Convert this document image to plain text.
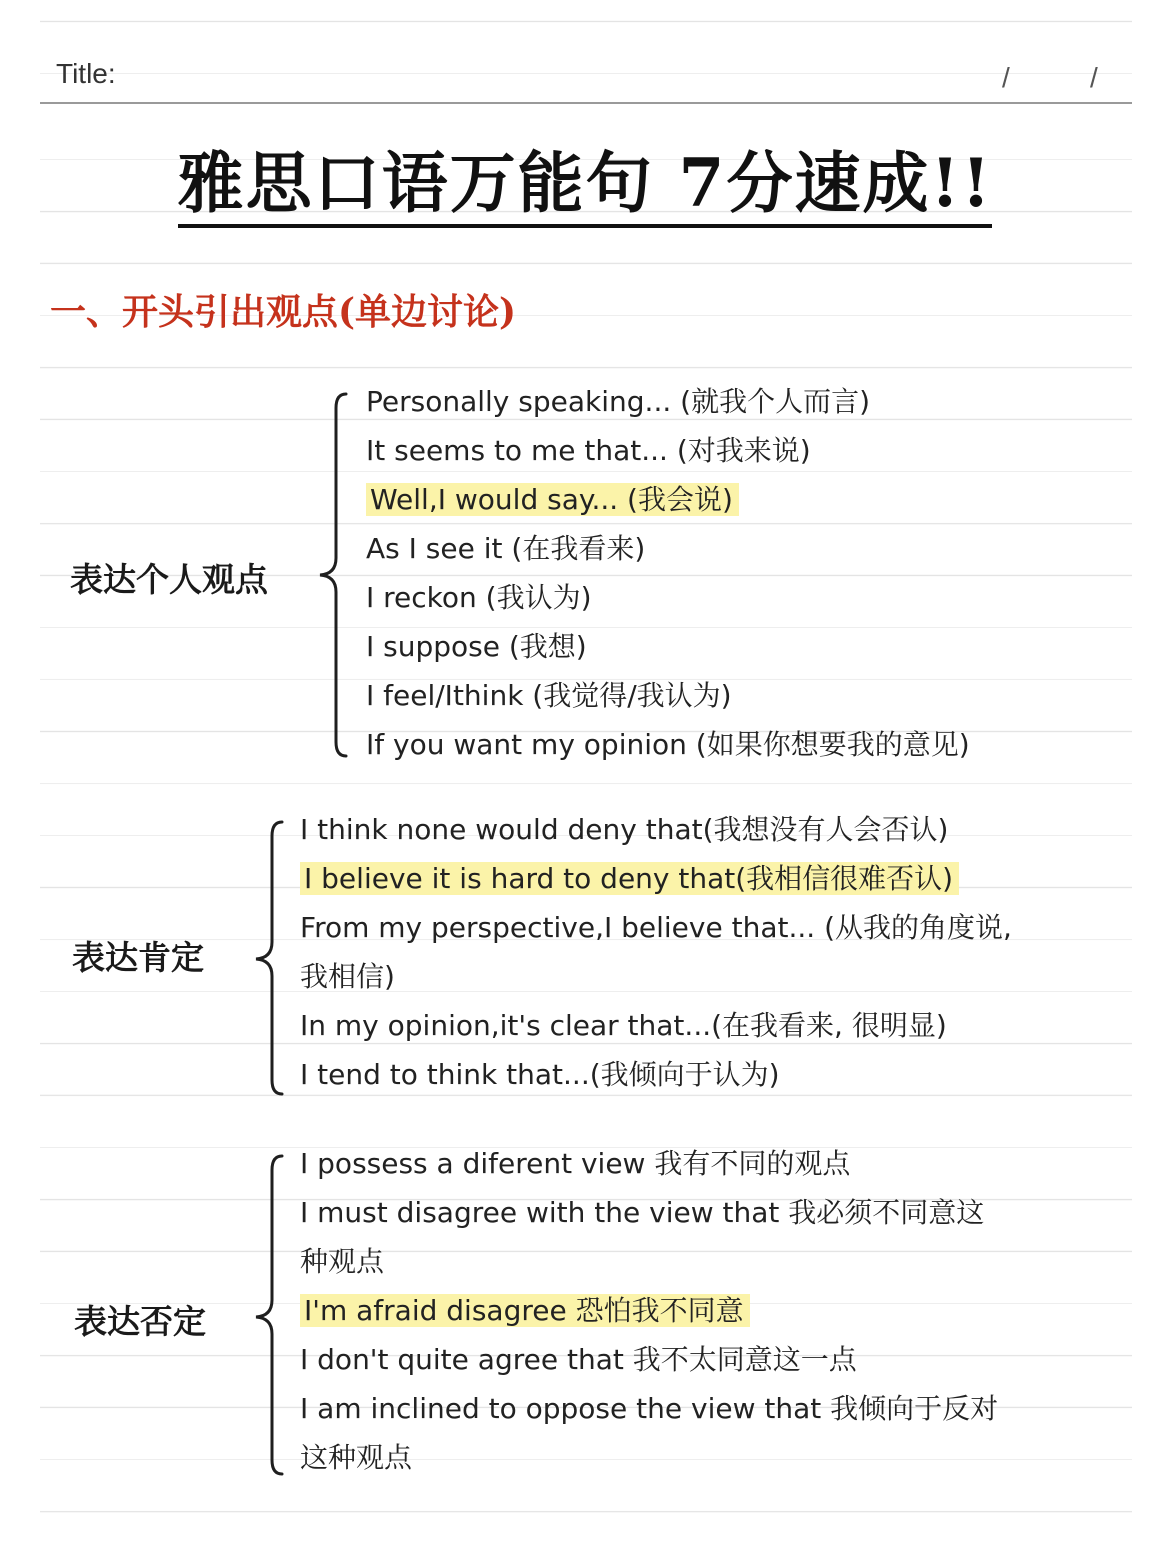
Title:	/	/
雅思口语万能句 7分速成!!
一、开头引出观点(单边讨论)
表达个人观点
Personally speaking... (就我个人而言)
It seems to me that... (对我来说)
Well,I would say... (我会说)
As I see it (在我看来)
I reckon (我认为)
I suppose (我想)
I feel/Ithink (我觉得/我认为)
If you want my opinion (如果你想要我的意见)
表达肯定
I think none would deny that(我想没有人会否认)
I believe it is hard to deny that(我相信很难否认)
From my perspective,I believe that... (从我的角度说,
我相信)
In my opinion,it's clear that...(在我看来, 很明显)
I tend to think that...(我倾向于认为)
表达否定
I possess a diferent view 我有不同的观点
I must disagree with the view that 我必须不同意这
种观点
I'm afraid disagree 恐怕我不同意
I don't quite agree that 我不太同意这一点
I am inclined to oppose the view that 我倾向于反对
这种观点
